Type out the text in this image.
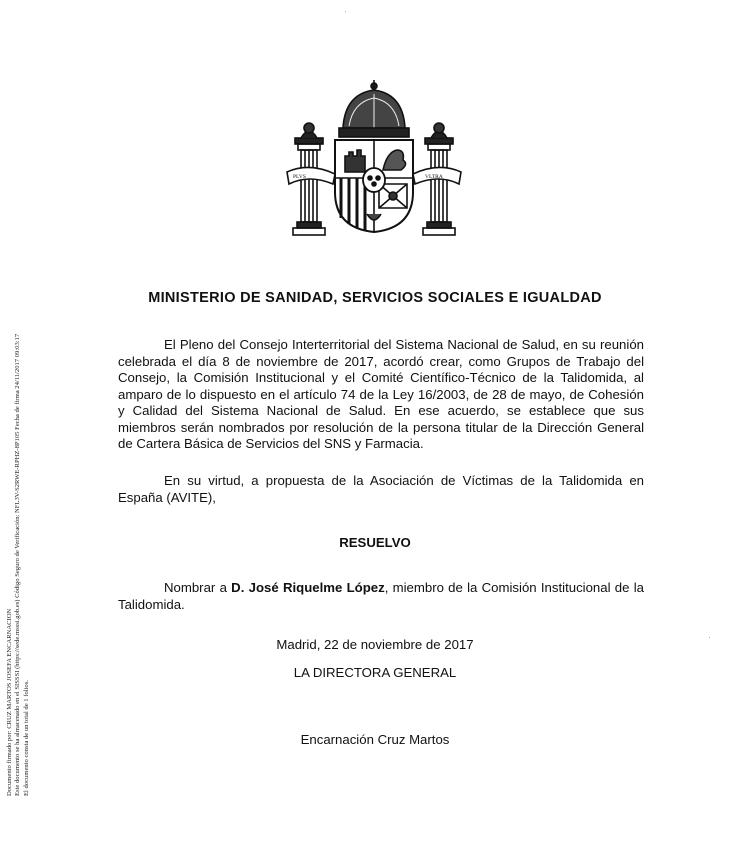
PLVS	VLTRA
·
·
MINISTERIO DE SANIDAD, SERVICIOS SOCIALES E IGUALDAD

El Pleno del Consejo Interterritorial del Sistema Nacional de Salud, en su reunión celebrada el día 8 de noviembre de 2017, acordó crear, como Grupos de Trabajo del Consejo, la Comisión Institucional y el Comité Científico-Técnico de la Talidomida, al amparo de lo dispuesto en el artículo 74 de la Ley 16/2003, de 28 de mayo, de Cohesión y Calidad del Sistema Nacional de Salud. En ese acuerdo, se establece que sus miembros serán nombrados por resolución de la persona titular de la Dirección General de Cartera Básica de Servicios del SNS y Farmacia.

En su virtud, a propuesta de la Asociación de Víctimas de la Talidomida en España (AVITE),

RESUELVO

Nombrar a D. José Riquelme López, miembro de la Comisión Institucional de la Talidomida.

Madrid, 22 de noviembre de 2017

LA DIRECTORA GENERAL

Encarnación Cruz Martos

Documento firmado por: CRUZ MARTOS JOSEFA ENCARNACION Este documento se ha almacenado en el SISSSI (https://sede.msssi.gob.es) Código Seguro de Verificación: NFL3V-S2RWE-RPHZ-8P105 Fecha de firma 24/11/2017 09:03:17 El documento consta de un total de 1 folios.
